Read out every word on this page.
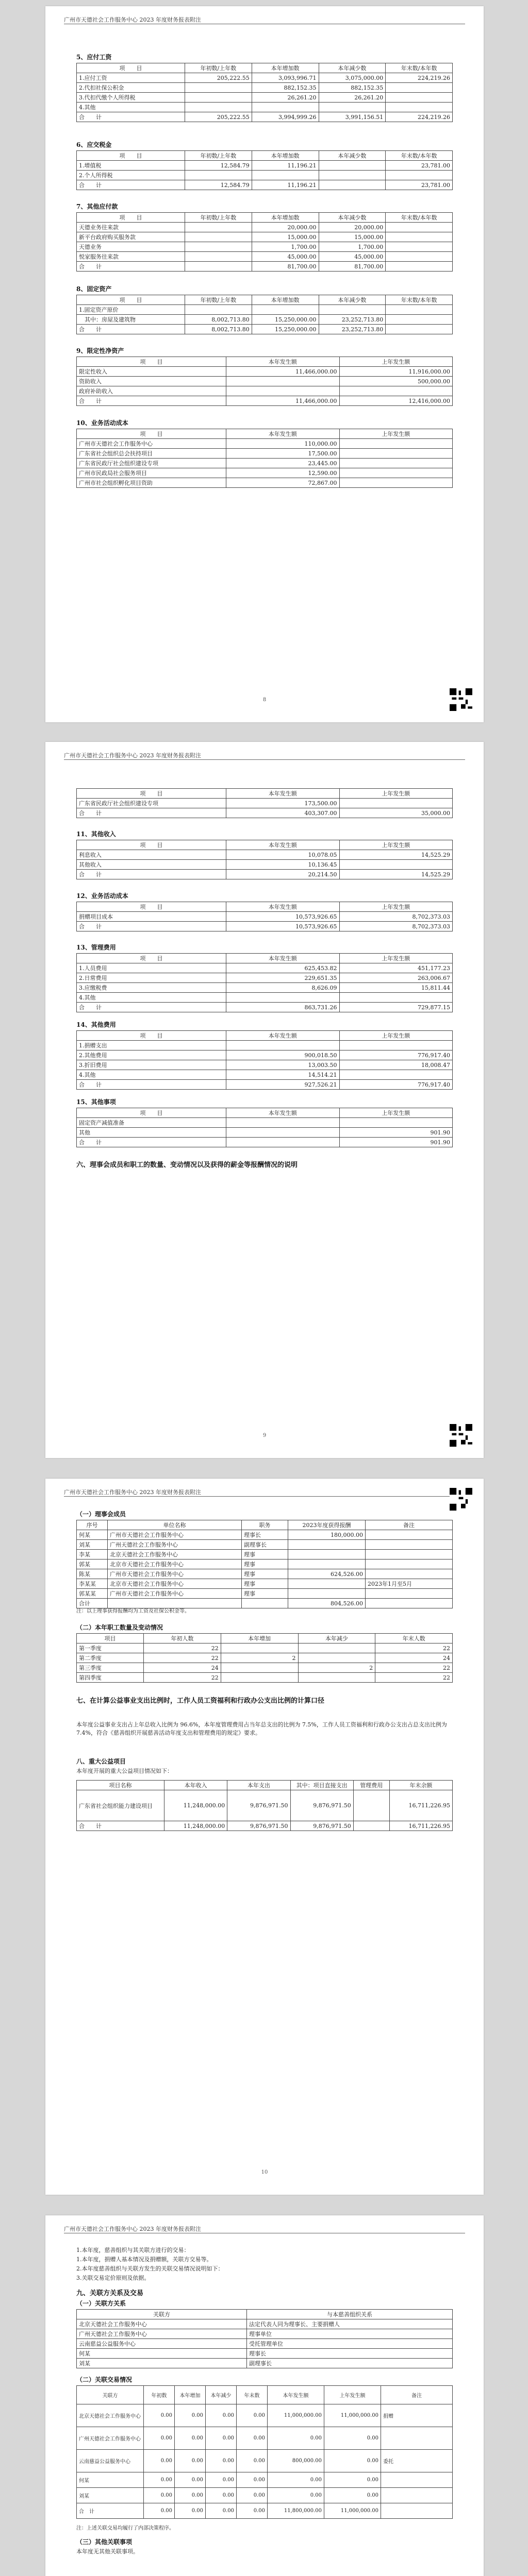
广州市天德社会工作服务中心 2023 年度财务报表附注
5、应付工资
项　　目	年初数/上年数	本年增加数	本年减少数	年末数/本年数
1.应付工资	205,222.55	3,093,996.71	3,075,000.00	224,219.26
2.代扣社保公积金		882,152.35	882,152.35	
3.代扣代缴个人所得税		26,261.20	26,261.20	
4.其他				
合　　计	205,222.55	3,994,999.26	3,991,156.51	224,219.26
6、应交税金
项　　目	年初数/上年数	本年增加数	本年减少数	年末数/本年数
1.增值税	12,584.79	11,196.21		23,781.00
2.个人所得税				
合　　计	12,584.79	11,196.21		23,781.00
7、其他应付款
项　　目	年初数/上年数	本年增加数	本年减少数	年末数/本年数
天德业务往来款		20,000.00	20,000.00	
新平台政府购买服务款		15,000.00	15,000.00	
天德业务		1,700.00	1,700.00	
悦家服务往来款		45,000.00	45,000.00	
合　　计		81,700.00	81,700.00	
8、固定资产
项　　目	年初数/上年数	本年增加数	本年减少数	年末数/本年数
1.固定资产原价				
　其中：房屋及建筑物	8,002,713.80	15,250,000.00	23,252,713.80	
合　　计	8,002,713.80	15,250,000.00	23,252,713.80	
9、限定性净资产
项　　目	本年发生额	上年发生额
限定性收入	11,466,000.00	11,916,000.00
资助收入		500,000.00
政府补助收入		
合　　计	11,466,000.00	12,416,000.00
10、业务活动成本
项　　目	本年发生额	上年发生额
广州市天德社会工作服务中心	110,000.00	
广东省社会组织总会扶持项目	17,500.00	
广东省民政厅社会组织建设专项	23,445.00	
广州市民政局社会服务项目	12,590.00	
广州市社会组织孵化项目资助	72,867.00	
8
广州市天德社会工作服务中心 2023 年度财务报表附注
项　　目	本年发生额	上年发生额
广东省民政厅社会组织建设专项	173,500.00	
合　　计	403,307.00	35,000.00
11、其他收入
项　　目	本年发生额	上年发生额
利息收入	10,078.05	14,525.29
其他收入	10,136.45	
合　　计	20,214.50	14,525.29
12、业务活动成本
项　　目	本年发生额	上年发生额
捐赠项目成本	10,573,926.65	8,702,373.03
合　　计	10,573,926.65	8,702,373.03
13、管理费用
项　　目	本年发生额	上年发生额
1.人员费用	625,453.82	451,177.23
2.日常费用	229,651.35	263,006.67
3.应缴税费	8,626.09	15,811.44
4.其他		
合　　计	863,731.26	729,877.15
14、其他费用
项　　目	本年发生额	上年发生额
1.捐赠支出		
2.其他费用	900,018.50	776,917.40
3.折旧费用	13,003.50	18,008.47
4.其他	14,514.21	
合　　计	927,526.21	776,917.40
15、其他事项
项　　目	本年发生额	上年发生额
固定资产减值准备		
其他		901.90
合　　计		901.90
六、理事会成员和职工的数量、变动情况以及获得的薪金等报酬情况的说明
9
广州市天德社会工作服务中心 2023 年度财务报表附注
（一）理事会成员
序号	单位名称	职务	2023年度获得报酬	备注
何某	广州市天德社会工作服务中心	理事长	180,000.00	
刘某	广州天德社会工作服务中心	副理事长		
李某	北京天德社会工作服务中心	理事		
郭某	北京市天德社会工作服务中心	理事		
陈某	广州市天德社会工作服务中心	理事	624,526.00	
李某某	北京市天德社会工作服务中心	理事		2023年1月至5月
郭某某	广州市天德社会工作服务中心	理事		
合计			804,526.00	
注：以上理事获得报酬均为工资及社保公积金等。
（二）本年职工数量及变动情况
项目	年初人数	本年增加	本年减少	年末人数
第一季度	22			22
第二季度	22	2		24
第三季度	24		2	22
第四季度	22			22
七、在计算公益事业支出比例时，工作人员工资福利和行政办公支出比例的计算口径
本年度公益事业支出占上年总收入比例为 96.6%，本年度管理费用占当年总支出的比例为 7.5%，工作人员工资福利和行政办公支出占总支出比例为 7.4%，符合《慈善组织开展慈善活动年度支出和管理费用的规定》要求。
八、重大公益项目
本年度开展的重大公益项目情况如下：
项目名称	本年收入	本年支出	其中：项目直接支出	管理费用	年末余额
广东省社会组织能力建设项目	11,248,000.00	9,876,971.50	9,876,971.50		16,711,226.95
合　　计	11,248,000.00	9,876,971.50	9,876,971.50		16,711,226.95
10
广州市天德社会工作服务中心 2023 年度财务报表附注
1.本年度，慈善组织与其关联方进行的交易：
1.本年度，捐赠人基本情况及捐赠额，关联方交易等。
2.本年度慈善组织与关联方发生的关联交易情况说明如下：
3.关联交易定价原则及依据。
九、关联方关系及交易
（一）关联方关系
关联方	与本慈善组织关系
北京天德社会工作服务中心	法定代表人同为理事长、主要捐赠人
广州天德社会工作服务中心	理事单位
云南慈益公益服务中心	受托管理单位
何某	理事长
刘某	副理事长
（二）关联交易情况
关联方	年初数	本年增加	本年减少	年末数	本年发生额	上年发生额	备注
北京天德社会工作服务中心	0.00	0.00	0.00	0.00	11,000,000.00	11,000,000.00	捐赠
广州天德社会工作服务中心	0.00	0.00	0.00	0.00	0.00	0.00	
云南慈益公益服务中心	0.00	0.00	0.00	0.00	800,000.00	0.00	委托
何某	0.00	0.00	0.00	0.00	0.00	0.00	
刘某	0.00	0.00	0.00	0.00	0.00	0.00	
合　计	0.00	0.00	0.00	0.00	11,800,000.00	11,000,000.00	
注：上述关联交易均履行了内部决策程序。
（三）其他关联事项
本年度无其他关联事项。
